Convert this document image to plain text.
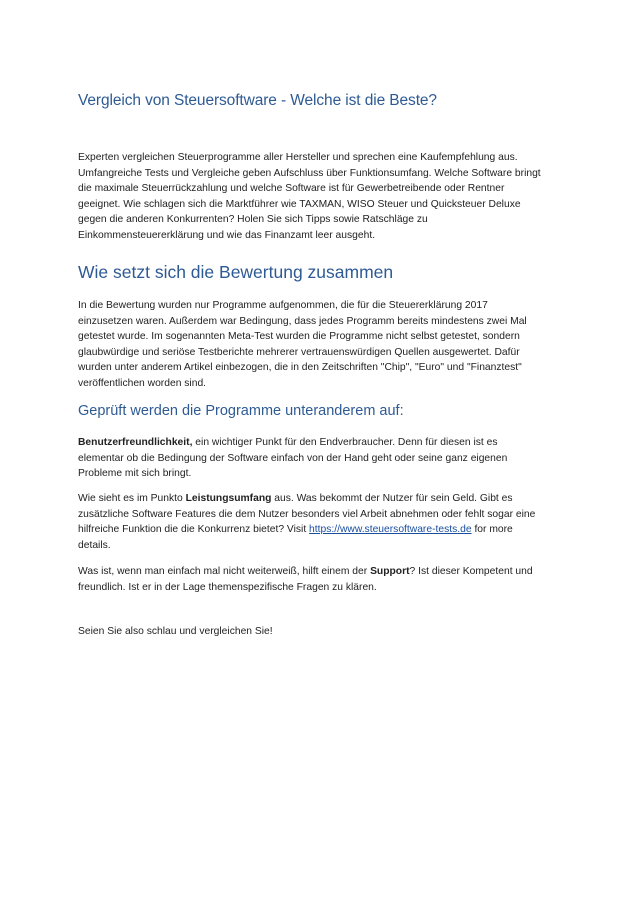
Vergleich von Steuersoftware - Welche ist die Beste?

Experten vergleichen Steuerprogramme aller Hersteller und sprechen eine Kaufempfehlung aus.
Umfangreiche Tests und Vergleiche geben Aufschluss über Funktionsumfang. Welche Software bringt
die maximale Steuerrückzahlung und welche Software ist für Gewerbetreibende oder Rentner
geeignet. Wie schlagen sich die Marktführer wie TAXMAN, WISO Steuer und Quicksteuer Deluxe
gegen die anderen Konkurrenten? Holen Sie sich Tipps sowie Ratschläge zu
Einkommensteuererklärung und wie das Finanzamt leer ausgeht.

Wie setzt sich die Bewertung zusammen

In die Bewertung wurden nur Programme aufgenommen, die für die Steuererklärung 2017
einzusetzen waren. Außerdem war Bedingung, dass jedes Programm bereits mindestens zwei Mal
getestet wurde. Im sogenannten Meta-Test wurden die Programme nicht selbst getestet, sondern
glaubwürdige und seriöse Testberichte mehrerer vertrauenswürdigen Quellen ausgewertet. Dafür
wurden unter anderem Artikel einbezogen, die in den Zeitschriften "Chip", "Euro" und "Finanztest"
veröffentlichen worden sind.

Geprüft werden die Programme unteranderem auf:

Benutzerfreundlichkeit, ein wichtiger Punkt für den Endverbraucher. Denn für diesen ist es
elementar ob die Bedingung der Software einfach von der Hand geht oder seine ganz eigenen
Probleme mit sich bringt.

Wie sieht es im Punkto Leistungsumfang aus. Was bekommt der Nutzer für sein Geld. Gibt es
zusätzliche Software Features die dem Nutzer besonders viel Arbeit abnehmen oder fehlt sogar eine
hilfreiche Funktion die die Konkurrenz bietet? Visit https://www.steuersoftware-tests.de for more
details.

Was ist, wenn man einfach mal nicht weiterweiß, hilft einem der Support? Ist dieser Kompetent und
freundlich. Ist er in der Lage themenspezifische Fragen zu klären.

Seien Sie also schlau und vergleichen Sie!
